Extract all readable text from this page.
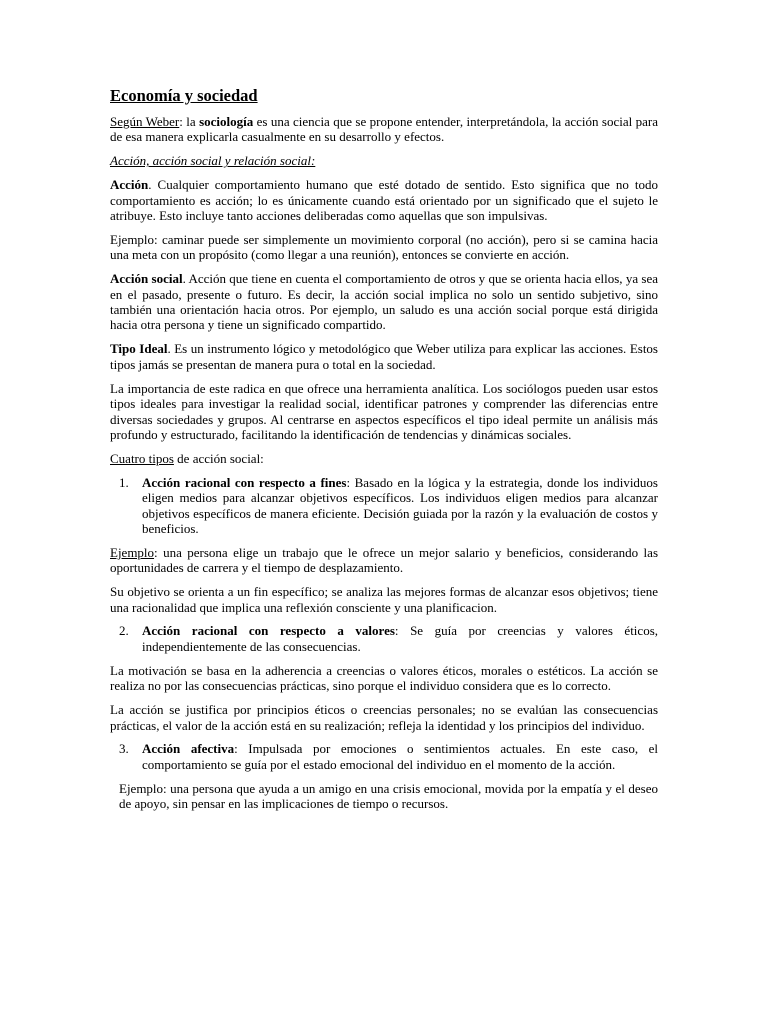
Economía y sociedad

Según Weber: la sociología es una ciencia que se propone entender, interpretándola, la acción social para de esa manera explicarla casualmente en su desarrollo y efectos.

Acción, acción social y relación social:

Acción. Cualquier comportamiento humano que esté dotado de sentido. Esto significa que no todo comportamiento es acción; lo es únicamente cuando está orientado por un significado que el sujeto le atribuye. Esto incluye tanto acciones deliberadas como aquellas que son impulsivas.

Ejemplo: caminar puede ser simplemente un movimiento corporal (no acción), pero si se camina hacia una meta con un propósito (como llegar a una reunión), entonces se convierte en acción.

Acción social. Acción que tiene en cuenta el comportamiento de otros y que se orienta hacia ellos, ya sea en el pasado, presente o futuro. Es decir, la acción social implica no solo un sentido subjetivo, sino también una orientación hacia otros. Por ejemplo, un saludo es una acción social porque está dirigida hacia otra persona y tiene un significado compartido.

Tipo Ideal. Es un instrumento lógico y metodológico que Weber utiliza para explicar las acciones. Estos tipos jamás se presentan de manera pura o total en la sociedad.

La importancia de este radica en que ofrece una herramienta analítica. Los sociólogos pueden usar estos tipos ideales para investigar la realidad social, identificar patrones y comprender las diferencias entre diversas sociedades y grupos. Al centrarse en aspectos específicos el tipo ideal permite un análisis más profundo y estructurado, facilitando la identificación de tendencias y dinámicas sociales.

Cuatro tipos de acción social:

1.	Acción racional con respecto a fines: Basado en la lógica y la estrategia, donde los individuos eligen medios para alcanzar objetivos específicos. Los individuos eligen medios para alcanzar objetivos específicos de manera eficiente. Decisión guiada por la razón y la evaluación de costos y beneficios.

Ejemplo: una persona elige un trabajo que le ofrece un mejor salario y beneficios, considerando las oportunidades de carrera y el tiempo de desplazamiento.

Su objetivo se orienta a un fin específico; se analiza las mejores formas de alcanzar esos objetivos; tiene una racionalidad que implica una reflexión consciente y una planificacion.

2.	Acción racional con respecto a valores: Se guía por creencias y valores éticos, independientemente de las consecuencias.

La motivación se basa en la adherencia a creencias o valores éticos, morales o estéticos. La acción se realiza no por las consecuencias prácticas, sino porque el individuo considera que es lo correcto.

La acción se justifica por principios éticos o creencias personales; no se evalúan las consecuencias prácticas, el valor de la acción está en su realización; refleja la identidad y los principios del individuo.

3.	Acción afectiva: Impulsada por emociones o sentimientos actuales. En este caso, el comportamiento se guía por el estado emocional del individuo en el momento de la acción.

Ejemplo: una persona que ayuda a un amigo en una crisis emocional, movida por la empatía y el deseo de apoyo, sin pensar en las implicaciones de tiempo o recursos.
